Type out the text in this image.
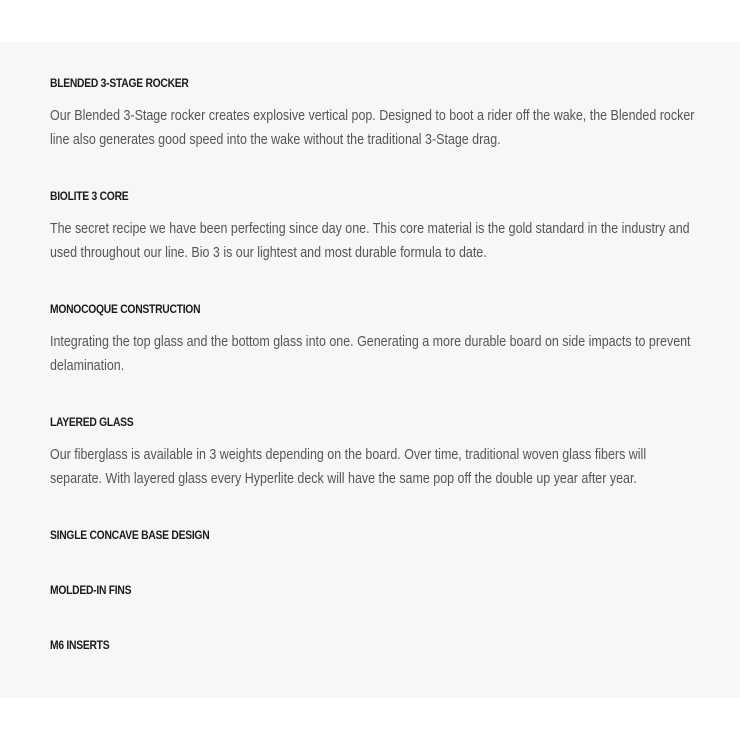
BLENDED 3-STAGE ROCKER
Our Blended 3-Stage rocker creates explosive vertical pop. Designed to boot a rider off the wake, the Blended rocker line also generates good speed into the wake without the traditional 3-Stage drag.
BIOLITE 3 CORE
The secret recipe we have been perfecting since day one. This core material is the gold standard in the industry and used throughout our line. Bio 3 is our lightest and most durable formula to date.
MONOCOQUE CONSTRUCTION
Integrating the top glass and the bottom glass into one. Generating a more durable board on side impacts to prevent delamination.
LAYERED GLASS
Our fiberglass is available in 3 weights depending on the board. Over time, traditional woven glass fibers will separate. With layered glass every Hyperlite deck will have the same pop off the double up year after year.
SINGLE CONCAVE BASE DESIGN
MOLDED-IN FINS
M6 INSERTS
